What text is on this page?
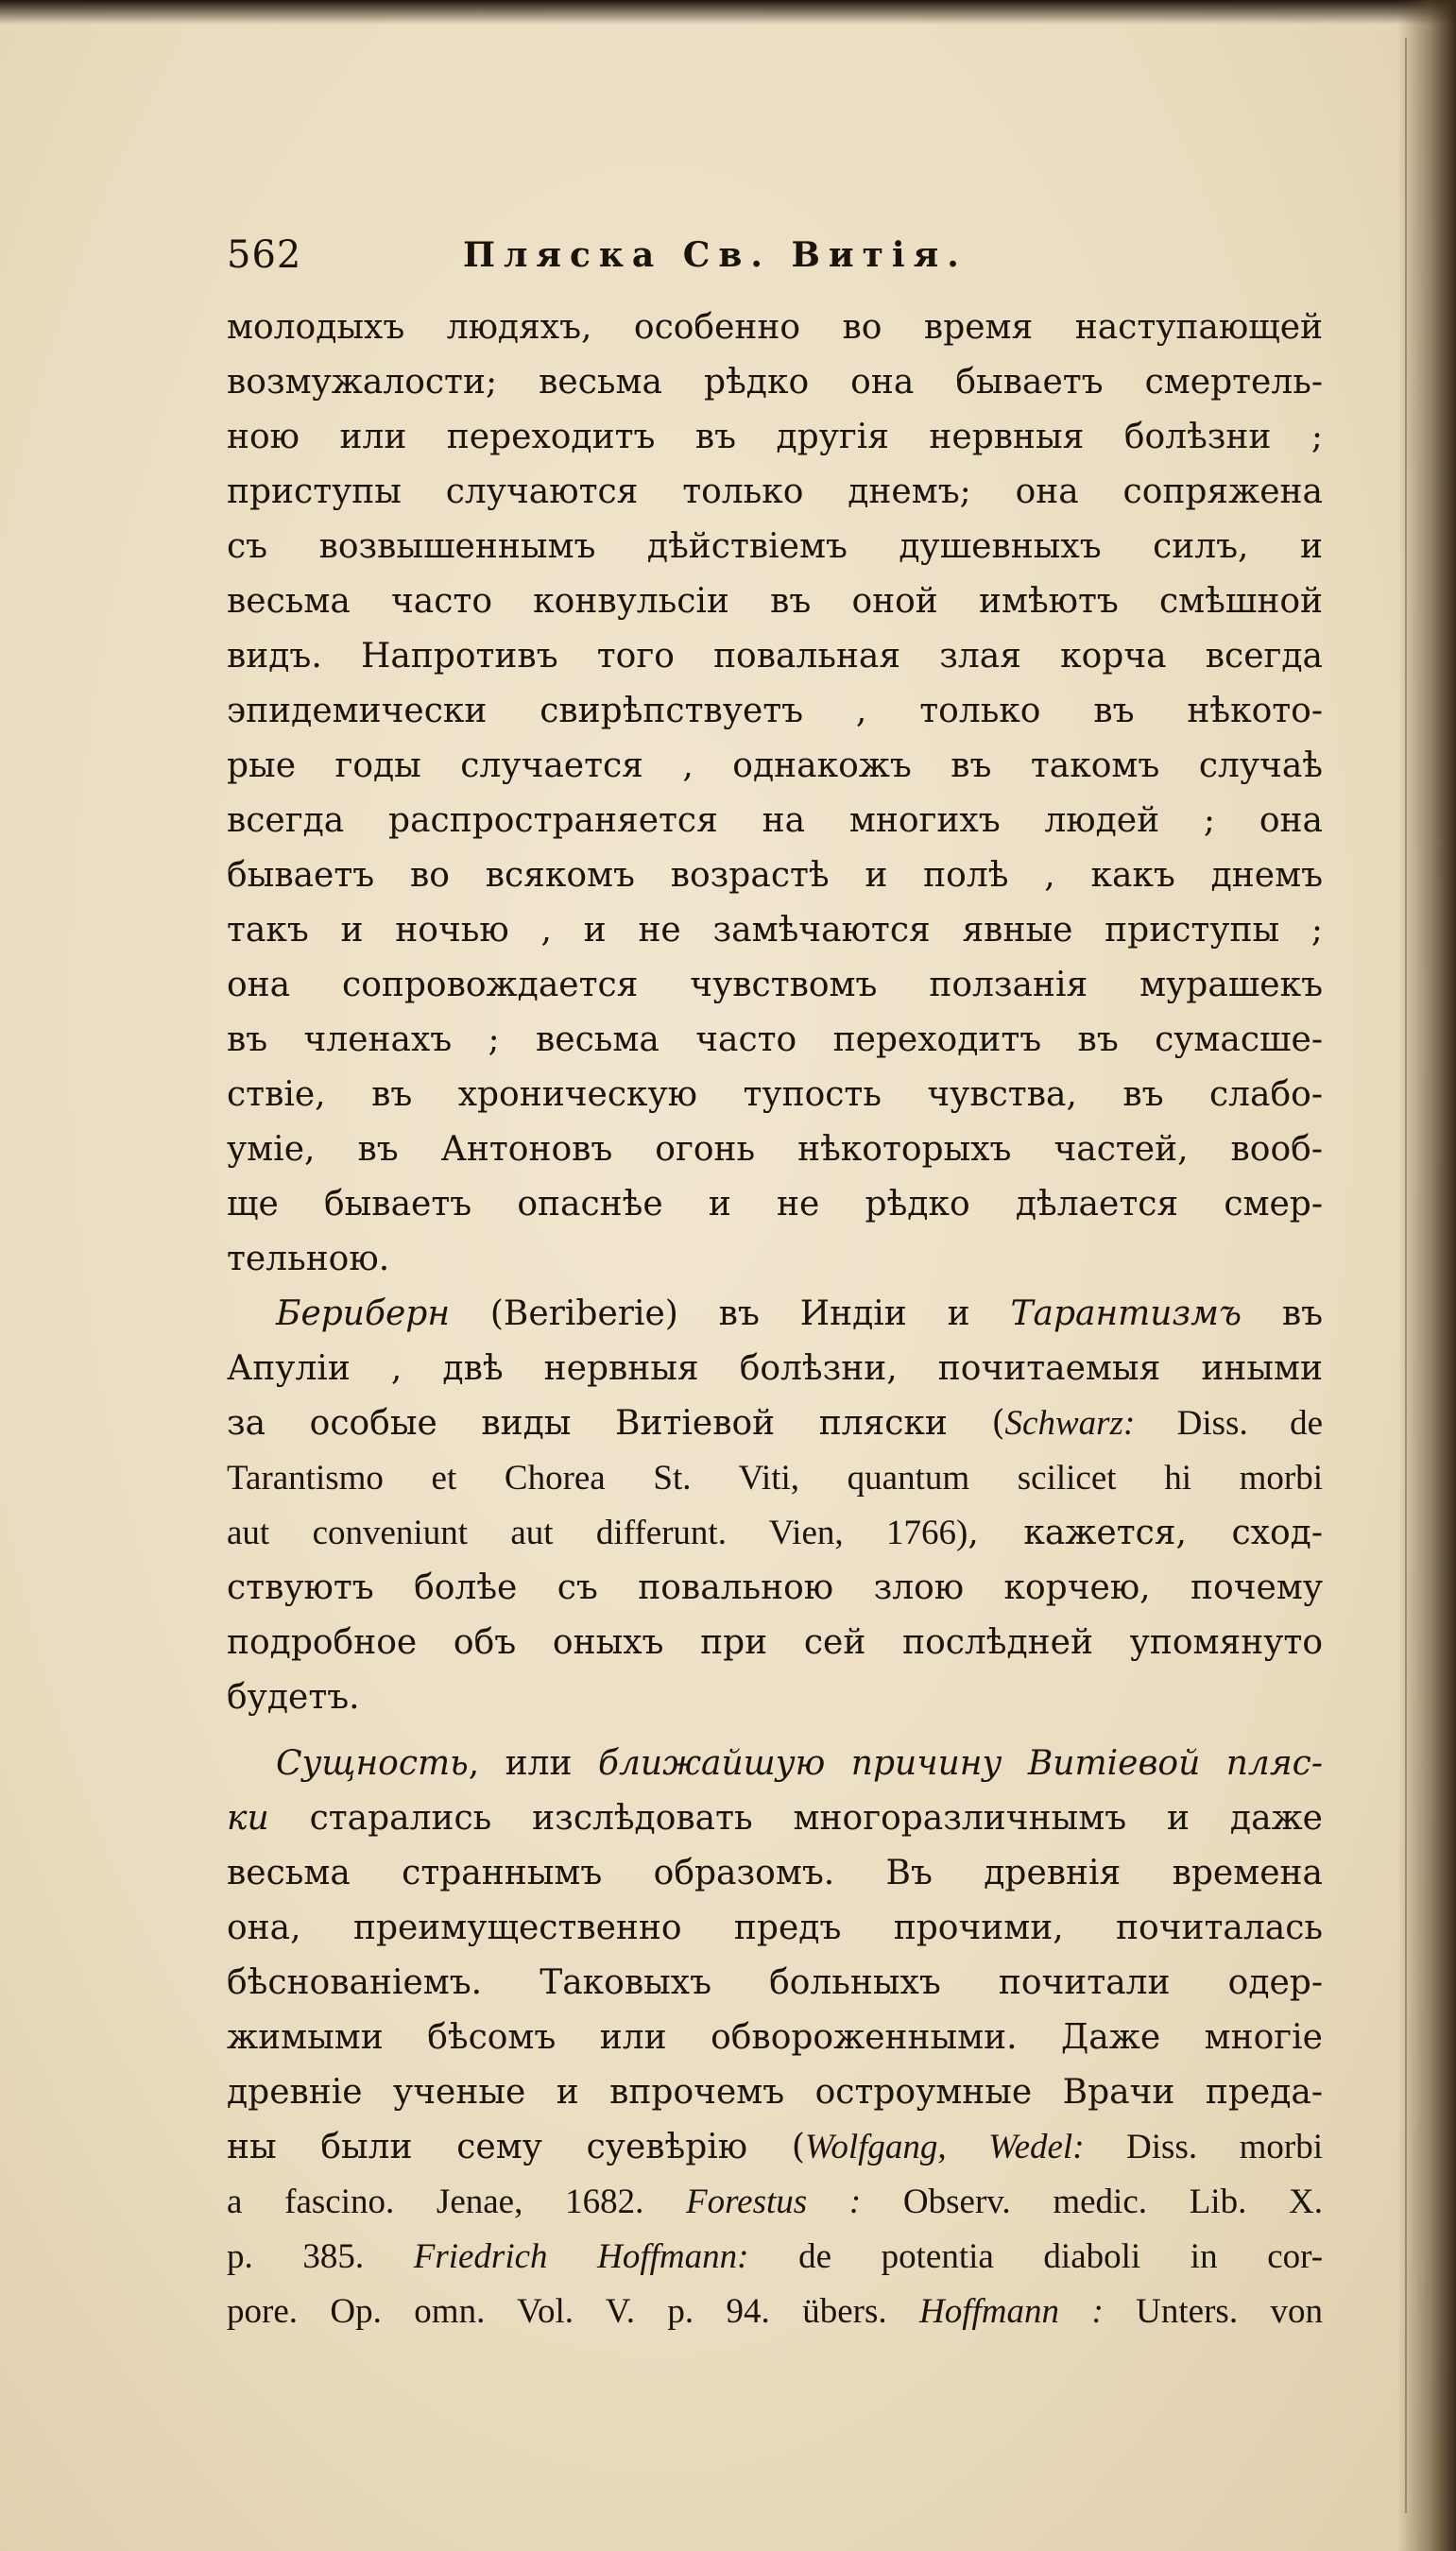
562	Пляска Св. Витія.
молодыхъ людяхъ, особенно во время наступающей
возмужалости; весьма рѣдко она бываетъ смертель-
ною или переходитъ въ другія нервныя болѣзни ;
приступы случаются только днемъ; она сопряжена
съ возвышеннымъ дѣйствіемъ душевныхъ силъ, и
весьма часто конвульсіи въ оной имѣютъ смѣшной
видъ. Напротивъ того повальная злая корча всегда
эпидемически свирѣпствуетъ , только въ нѣкото-
рые годы случается , однакожъ въ такомъ случаѣ
всегда распространяется на многихъ людей ; она
бываетъ во всякомъ возрастѣ и полѣ , какъ днемъ
такъ и ночью , и не замѣчаются явные приступы ;
она сопровождается чувствомъ ползанія мурашекъ
въ членахъ ; весьма часто переходитъ въ сумасше-
ствіе, въ хроническую тупость чувства, въ слабо-
уміе, въ Антоновъ огонь нѣкоторыхъ частей, вооб-
ще бываетъ опаснѣе и не рѣдко дѣлается смер-
тельною.
Бериберн (Beriberie) въ Индіи и Тарантизмъ въ
Апуліи , двѣ нервныя болѣзни, почитаемыя иными
за особые виды Витіевой пляски (Schwarz: Diss. de
Tarantismo et Chorea St. Viti, quantum scilicet hi morbi
aut conveniunt aut differunt. Vien, 1766), кажется, сход-
ствуютъ болѣе съ повальною злою корчею, почему
подробное объ оныхъ при сей послѣдней упомянуто
будетъ.
Сущность, или ближайшую причину Витіевой пляс-
ки старались изслѣдовать многоразличнымъ и даже
весьма страннымъ образомъ. Въ древнія времена
она, преимущественно предъ прочими, почиталась
бѣснованіемъ. Таковыхъ больныхъ почитали одер-
жимыми бѣсомъ или обвороженными. Даже многіе
древніе ученые и впрочемъ остроумные Врачи преда-
ны были сему суевѣрію (Wolfgang, Wedel: Diss. morbi
a fascino. Jenae, 1682. Forestus : Observ. medic. Lib. X.
p. 385. Friedrich Hoffmann: de potentia diaboli in cor-
pore. Op. omn. Vol. V. p. 94. übers. Hoffmann : Unters. von
